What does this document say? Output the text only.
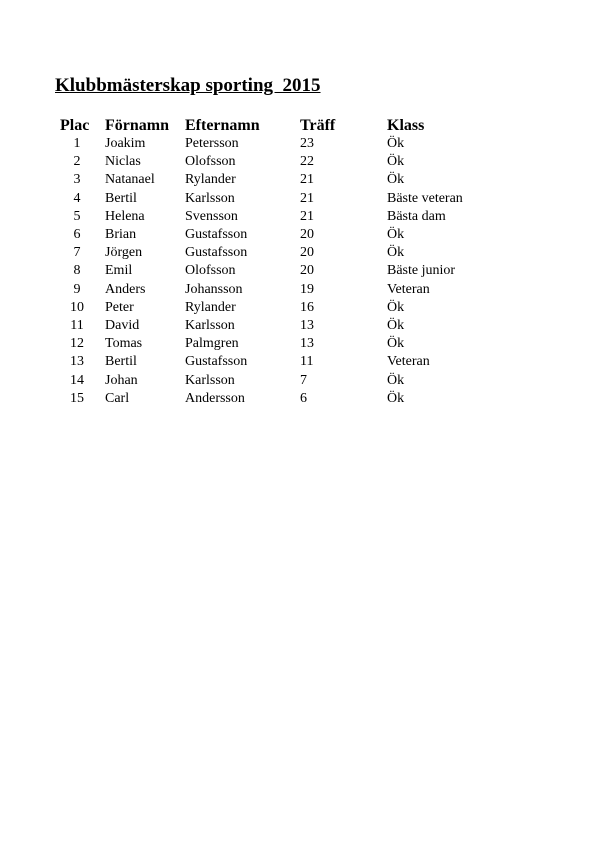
Klubbmästerskap sporting  2015
Plac	Förnamn	Efternamn	Träff	Klass
1	Joakim	Petersson	23	Ök
2	Niclas	Olofsson	22	Ök
3	Natanael	Rylander	21	Ök
4	Bertil	Karlsson	21	Bäste veteran
5	Helena	Svensson	21	Bästa dam
6	Brian	Gustafsson	20	Ök
7	Jörgen	Gustafsson	20	Ök
8	Emil	Olofsson	20	Bäste junior
9	Anders	Johansson	19	Veteran
10	Peter	Rylander	16	Ök
11	David	Karlsson	13	Ök
12	Tomas	Palmgren	13	Ök
13	Bertil	Gustafsson	11	Veteran
14	Johan	Karlsson	7	Ök
15	Carl	Andersson	6	Ök
